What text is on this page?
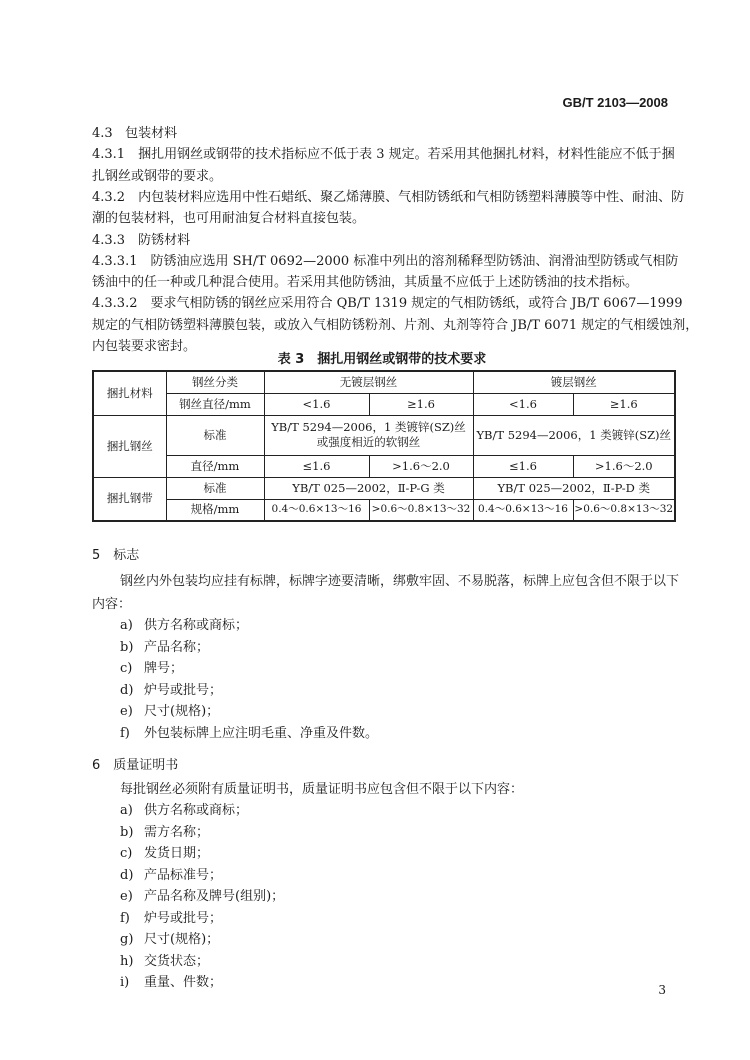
GB/T 2103—2008
4.3 包装材料
4.3.1　捆扎用钢丝或钢带的技术指标应不低于表 3 规定。若采用其他捆扎材料，材料性能应不低于捆
扎钢丝或钢带的要求。
4.3.2　内包装材料应选用中性石蜡纸、聚乙烯薄膜、气相防锈纸和气相防锈塑料薄膜等中性、耐油、防
潮的包装材料，也可用耐油复合材料直接包装。
4.3.3　防锈材料
4.3.3.1　防锈油应选用 SH/T 0692—2000 标准中列出的溶剂稀释型防锈油、润滑油型防锈或气相防
锈油中的任一种或几种混合使用。若采用其他防锈油，其质量不应低于上述防锈油的技术指标。
4.3.3.2　要求气相防锈的钢丝应采用符合 QB/T 1319 规定的气相防锈纸，或符合 JB/T 6067—1999
规定的气相防锈塑料薄膜包装，或放入气相防锈粉剂、片剂、丸剂等符合 JB/T 6071 规定的气相缓蚀剂，
内包装要求密封。
表 3　捆扎用钢丝或钢带的技术要求
捆扎材料	钢丝分类	无镀层钢丝		镀层钢丝	
	钢丝直径/mm	<1.6	≥1.6	<1.6	≥1.6
捆扎钢丝	标准	YB/T 5294—2006，1 类镀锌(SZ)丝
或强度相近的软钢丝		YB/T 5294—2006，1 类镀锌(SZ)丝	
	直径/mm	≤1.6	>1.6～2.0	≤1.6	>1.6～2.0
捆扎钢带	标准	YB/T 025—2002，Ⅱ-P-G 类		YB/T 025—2002，Ⅱ-P-D 类	
	规格/mm	0.4～0.6×13～16	>0.6～0.8×13～32	0.4～0.6×13～16	>0.6～0.8×13～32
5　标志
钢丝内外包装均应挂有标牌，标牌字迹要清晰，绑敷牢固、不易脱落，标牌上应包含但不限于以下
内容：
a) 供方名称或商标；
b) 产品名称；
c) 牌号；
d) 炉号或批号；
e) 尺寸(规格)；
f) 外包装标牌上应注明毛重、净重及件数。
6　质量证明书
每批钢丝必须附有质量证明书，质量证明书应包含但不限于以下内容：
a) 供方名称或商标；
b) 需方名称；
c) 发货日期；
d) 产品标准号；
e) 产品名称及牌号(组别)；
f) 炉号或批号；
g) 尺寸(规格)；
h) 交货状态；
i) 重量、件数；	3
